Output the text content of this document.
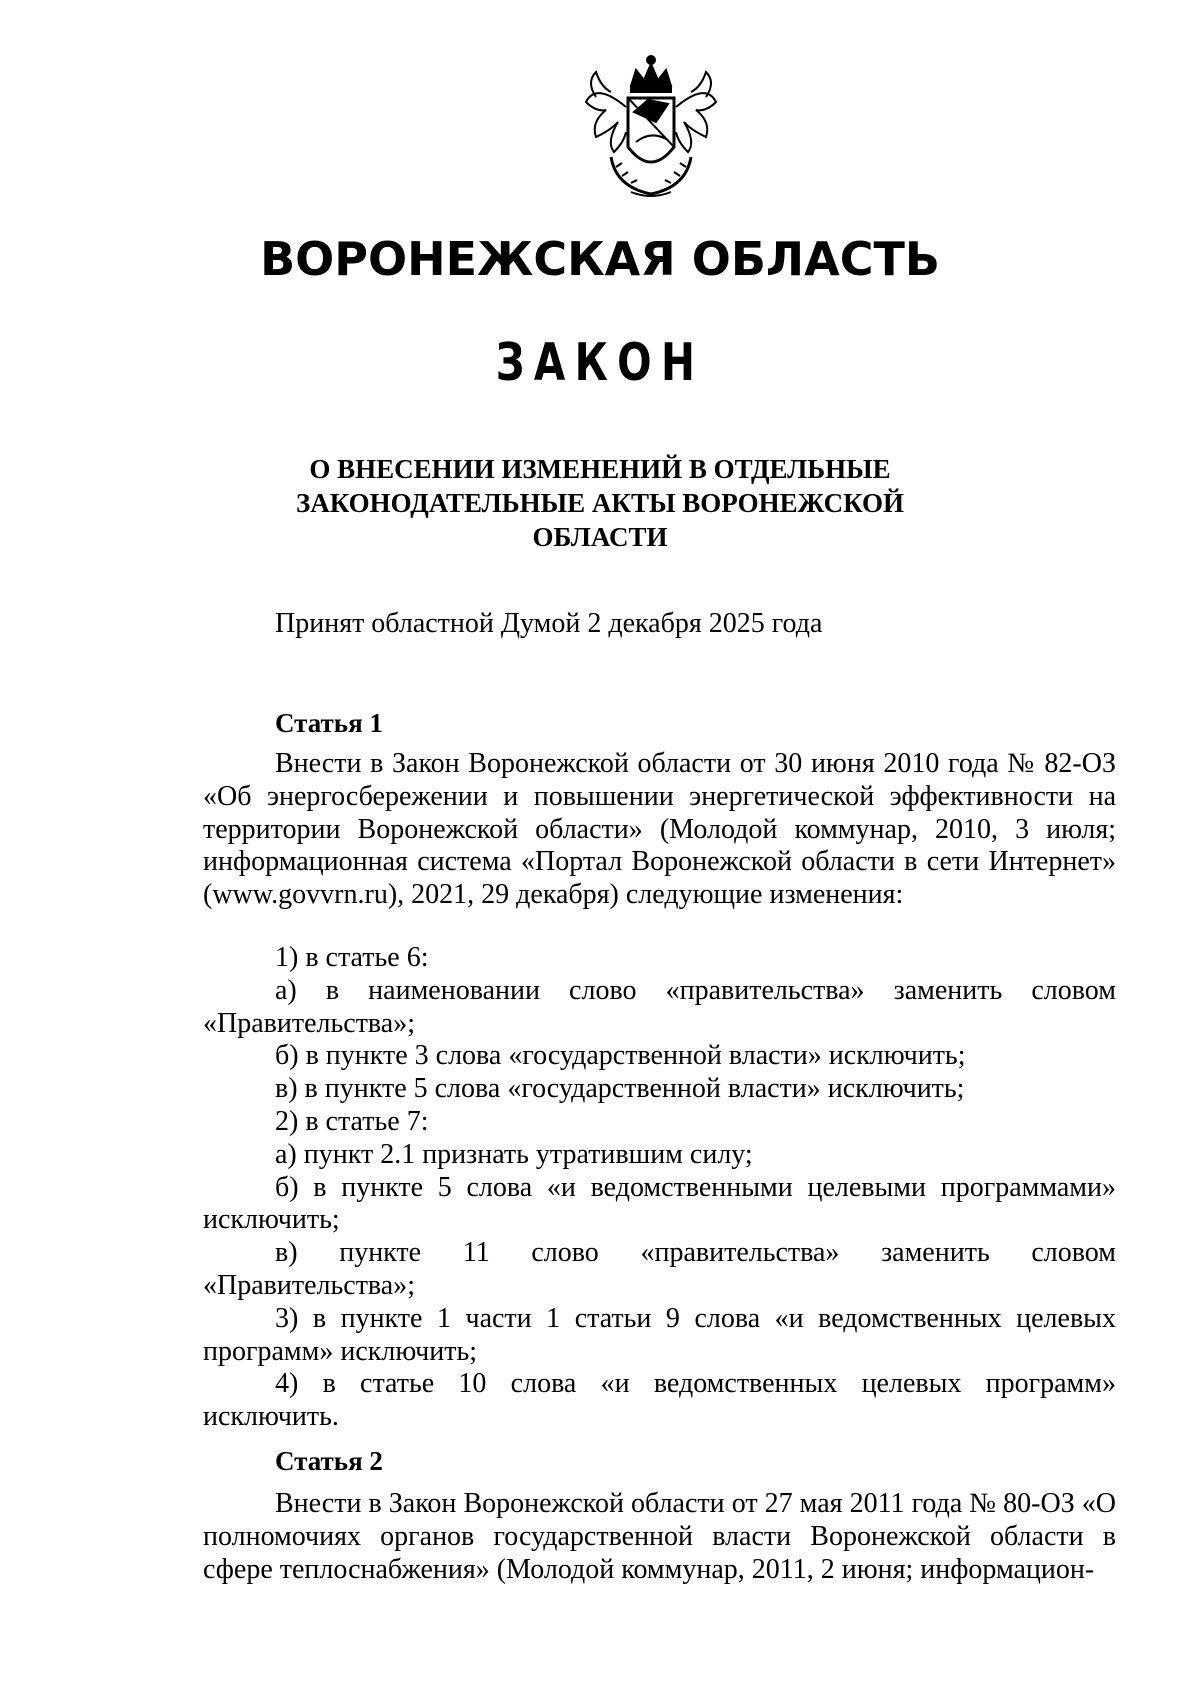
ВОРОНЕЖСКАЯ ОБЛАСТЬ
ЗАКОН
О ВНЕСЕНИИ ИЗМЕНЕНИЙ В ОТДЕЛЬНЫЕ
ЗАКОНОДАТЕЛЬНЫЕ АКТЫ ВОРОНЕЖСКОЙ
ОБЛАСТИ
Принят областной Думой 2 декабря 2025 года
Статья 1

Внести в Закон Воронежской области от 30 июня 2010 года № 82-ОЗ «Об энергосбережении и повышении энергетической эффективности на территории Воронежской области» (Молодой коммунар, 2010, 3 июля; информационная система «Портал Воронежской области в сети Интернет» (www.govvrn.ru), 2021, 29 декабря) следующие изменения:

1) в статье 6:

а) в наименовании слово «правительства» заменить словом «Правительства»;

б) в пункте 3 слова «государственной власти» исключить;

в) в пункте 5 слова «государственной власти» исключить;

2) в статье 7:

а) пункт 2.1 признать утратившим силу;

б) в пункте 5 слова «и ведомственными целевыми программами» исключить;

в) пункте 11 слово «правительства» заменить словом «Правительства»;

3) в пункте 1 части 1 статьи 9 слова «и ведомственных целевых программ» исключить;

4) в статье 10 слова «и ведомственных целевых программ» исключить.

Статья 2

Внести в Закон Воронежской области от 27 мая 2011 года № 80-ОЗ «О полномочиях органов государственной власти Воронежской области в сфере теплоснабжения» (Молодой коммунар, 2011, 2 июня; информацион-
